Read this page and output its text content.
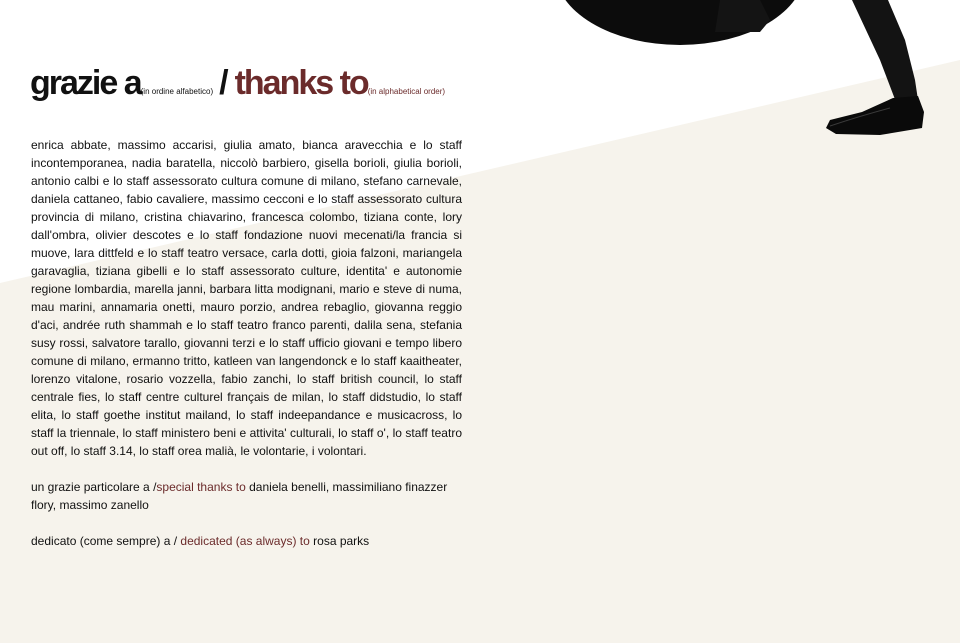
grazie a(in ordine alfabetico) / thanks to(in alphabetical order)

enrica abbate, massimo accarisi, giulia amato, bianca aravecchia e lo staff incontemporanea, nadia baratella, niccolò barbiero, gisella borioli, giulia borioli, antonio calbi e lo staff assessorato cultura comune di milano, stefano carnevale, daniela cattaneo, fabio cavaliere, massimo cecconi e lo staff assessorato cultura provincia di milano, cristina chiavarino, francesca colombo, tiziana conte, lory dall'ombra, olivier descotes e lo staff fondazione nuovi mecenati/la francia si muove, lara dittfeld e lo staff teatro versace, carla dotti, gioia falzoni, mariangela garavaglia, tiziana gibelli e lo staff assessorato culture, identita' e autonomie regione lombardia, marella janni, barbara litta modignani, mario e steve di numa, mau marini, annamaria onetti, mauro porzio, andrea rebaglio, giovanna reggio d'aci, andrée ruth shammah e lo staff teatro franco parenti, dalila sena, stefania susy rossi, salvatore tarallo, giovanni terzi e lo staff ufficio giovani e tempo libero comune di milano, ermanno tritto, katleen van langendonck e lo staff kaaitheater, lorenzo vitalone, rosario vozzella, fabio zanchi, lo staff british council, lo staff centrale fies, lo staff centre culturel français de milan, lo staff didstudio, lo staff elita, lo staff goethe institut mailand, lo staff indeepandance e musicacross, lo staff la triennale, lo staff ministero beni e attivita' culturali, lo staff o', lo staff teatro out off, lo staff 3.14, lo staff orea malià, le volontarie, i volontari.

un grazie particolare a /special thanks to daniela benelli, massimiliano finazzer flory, massimo zanello

dedicato (come sempre) a / dedicated (as always) to rosa parks
